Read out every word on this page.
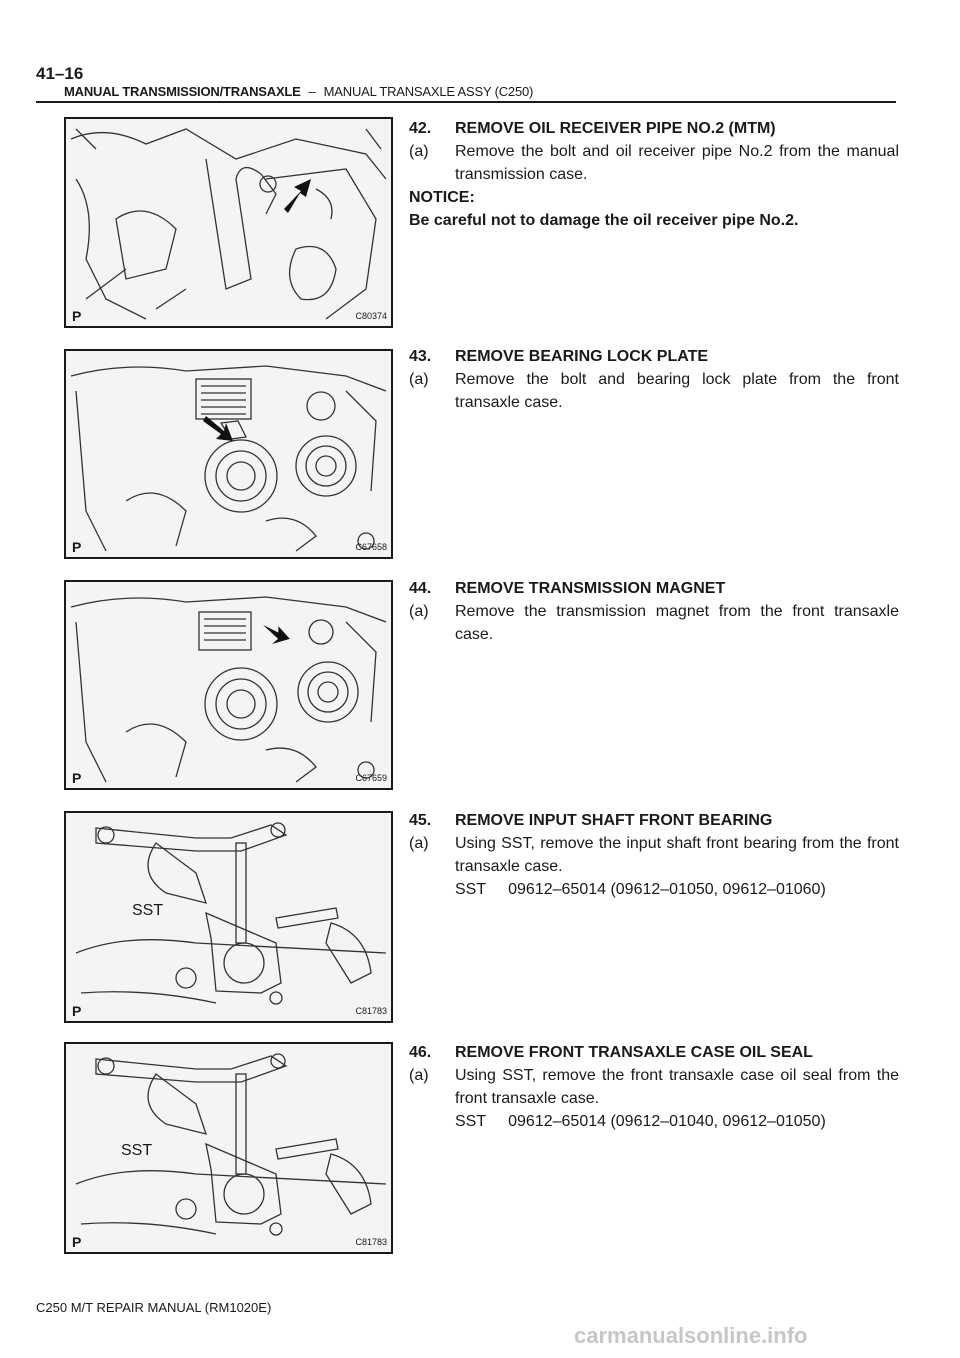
41–16
MANUAL TRANSMISSION/TRANSAXLE – MANUAL TRANSAXLE ASSY (C250)
P	C80374
42.	REMOVE OIL RECEIVER PIPE NO.2 (MTM)
(a)	Remove the bolt and oil receiver pipe No.2 from the manual transmission case.
NOTICE:
Be careful not to damage the oil receiver pipe No.2.
P	C67658
43.	REMOVE BEARING LOCK PLATE
(a)	Remove the bolt and bearing lock plate from the front transaxle case.
P	C67659
44.	REMOVE TRANSMISSION MAGNET
(a)	Remove the transmission magnet from the front transaxle case.
SST
P	C81783
45.	REMOVE INPUT SHAFT FRONT BEARING
(a)	Using SST, remove the input shaft front bearing from the front transaxle case.
SST 09612–65014 (09612–01050, 09612–01060)
SST
P	C81783
46.	REMOVE FRONT TRANSAXLE CASE OIL SEAL
(a)	Using SST, remove the front transaxle case oil seal from the front transaxle case.
SST 09612–65014 (09612–01040, 09612–01050)
C250 M/T REPAIR MANUAL (RM1020E)
carmanualsonline.info
